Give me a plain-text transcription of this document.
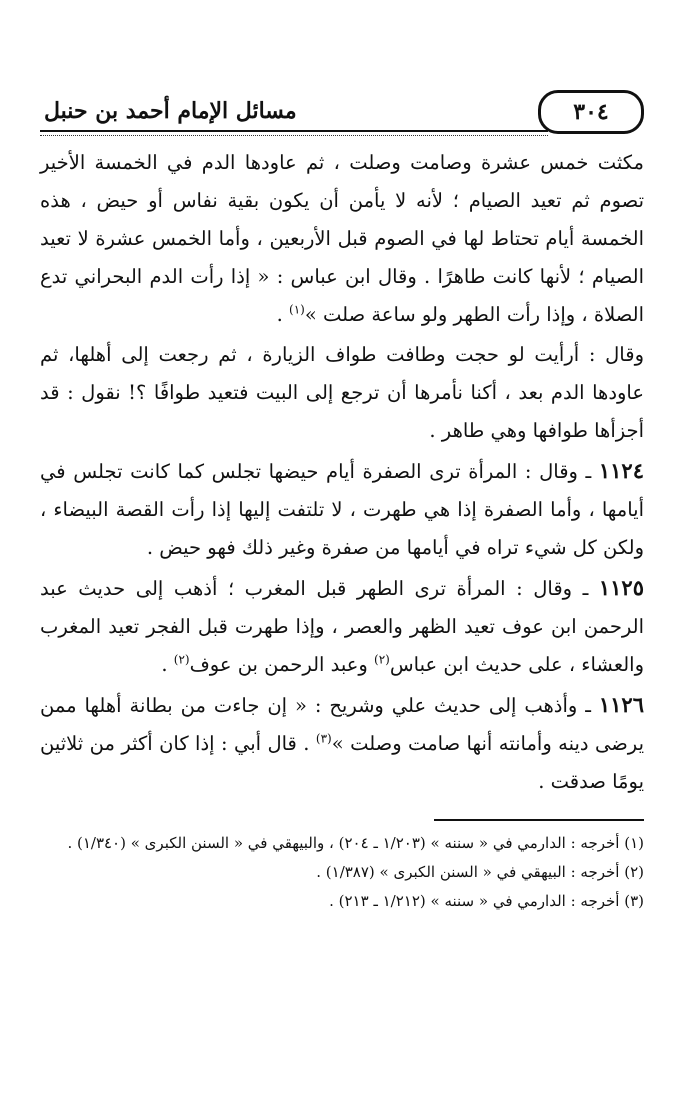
٣٠٤
مسائل الإمام أحمد بن حنبل

مكثت خمس عشرة وصامت وصلت ، ثم عاودها الدم في الخمسة الأخير تصوم ثم تعيد الصيام ؛ لأنه لا يأمن أن يكون بقية نفاس أو حيض ، هذه الخمسة أيام تحتاط لها في الصوم قبل الأربعين ، وأما الخمس عشرة لا تعيد الصيام ؛ لأنها كانت طاهرًا . وقال ابن عباس : « إذا رأت الدم البحراني تدع الصلاة ، وإذا رأت الطهر ولو ساعة صلت »$^{(١)}$ .

وقال : أرأيت لو حجت وطافت طواف الزيارة ، ثم رجعت إلى أهلها، ثم عاودها الدم بعد ، أكنا نأمرها أن ترجع إلى البيت فتعيد طوافًا ؟! نقول : قد أجزأها طوافها وهي طاهر .

١١٢٤ ـ وقال : المرأة ترى الصفرة أيام حيضها تجلس كما كانت تجلس في أيامها ، وأما الصفرة إذا هي طهرت ، لا تلتفت إليها إذا رأت القصة البيضاء ، ولكن كل شيء تراه في أيامها من صفرة وغير ذلك فهو حيض .

١١٢٥ ـ وقال : المرأة ترى الطهر قبل المغرب ؛ أذهب إلى حديث عبد الرحمن ابن عوف تعيد الظهر والعصر ، وإذا طهرت قبل الفجر تعيد المغرب والعشاء ، على حديث ابن عباس$^{(٢)}$ وعبد الرحمن بن عوف$^{(٢)}$ .

١١٢٦ ـ وأذهب إلى حديث علي وشريح : « إن جاءت من بطانة أهلها ممن يرضى دينه وأمانته أنها صامت وصلت »$^{(٣)}$ . قال أبي : إذا كان أكثر من ثلاثين يومًا صدقت .

(١) أخرجه : الدارمي في « سننه » (١/٢٠٣ ـ ٢٠٤) ، والبيهقي في « السنن الكبرى » (١/٣٤٠) .

(٢) أخرجه : البيهقي في « السنن الكبرى » (١/٣٨٧) .

(٣) أخرجه : الدارمي في « سننه » (١/٢١٢ ـ ٢١٣) .
